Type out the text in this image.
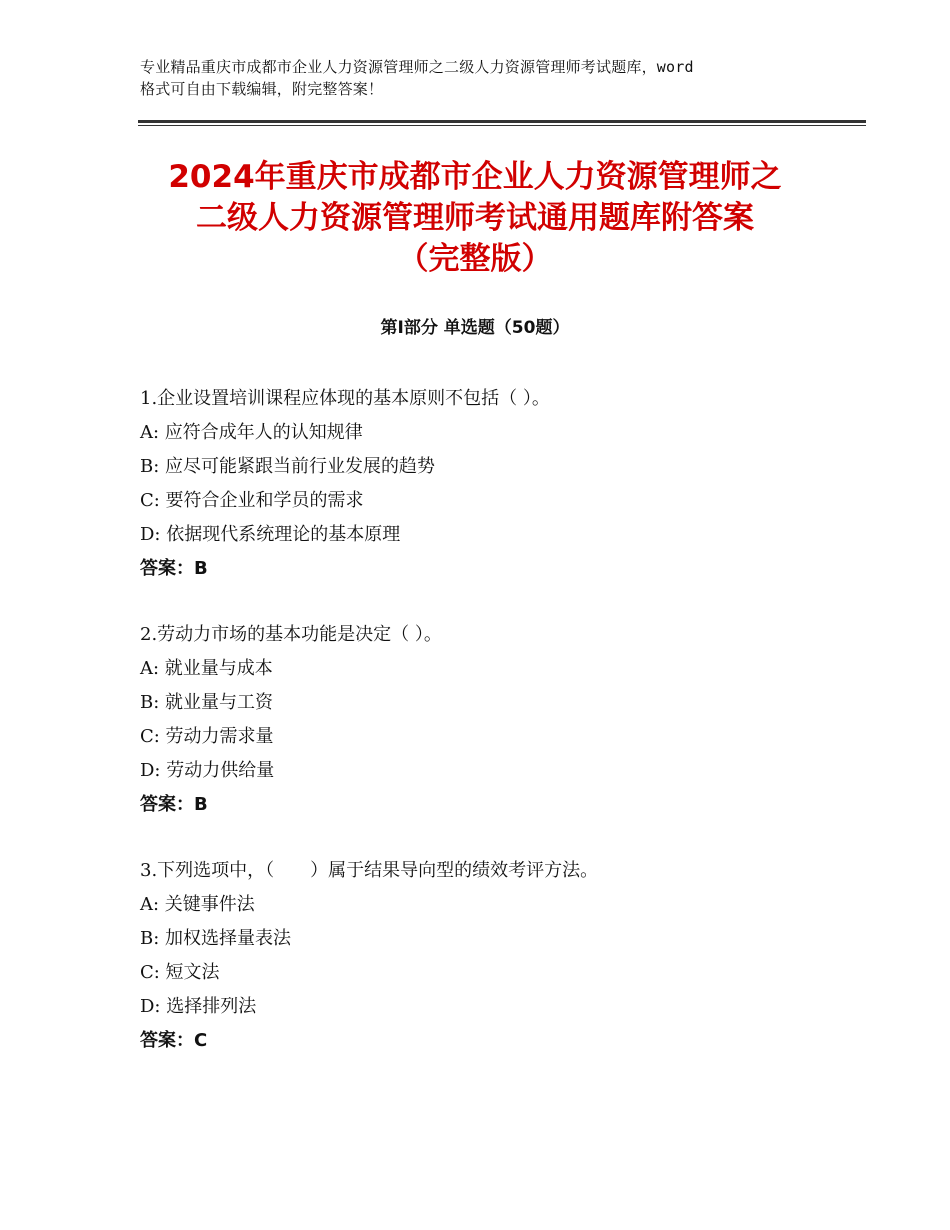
专业精品重庆市成都市企业人力资源管理师之二级人力资源管理师考试题库，word
格式可自由下载编辑，附完整答案！
2024年重庆市成都市企业人力资源管理师之
二级人力资源管理师考试通用题库附答案
（完整版）
第Ⅰ部分 单选题（50题）
1.企业设置培训课程应体现的基本原则不包括（ ）。
A: 应符合成年人的认知规律
B: 应尽可能紧跟当前行业发展的趋势
C: 要符合企业和学员的需求
D: 依据现代系统理论的基本原理
答案：B
2.劳动力市场的基本功能是决定（ ）。
A: 就业量与成本
B: 就业量与工资
C: 劳动力需求量
D: 劳动力供给量
答案：B
3.下列选项中，（　　）属于结果导向型的绩效考评方法。
A: 关键事件法
B: 加权选择量表法
C: 短文法
D: 选择排列法
答案：C
